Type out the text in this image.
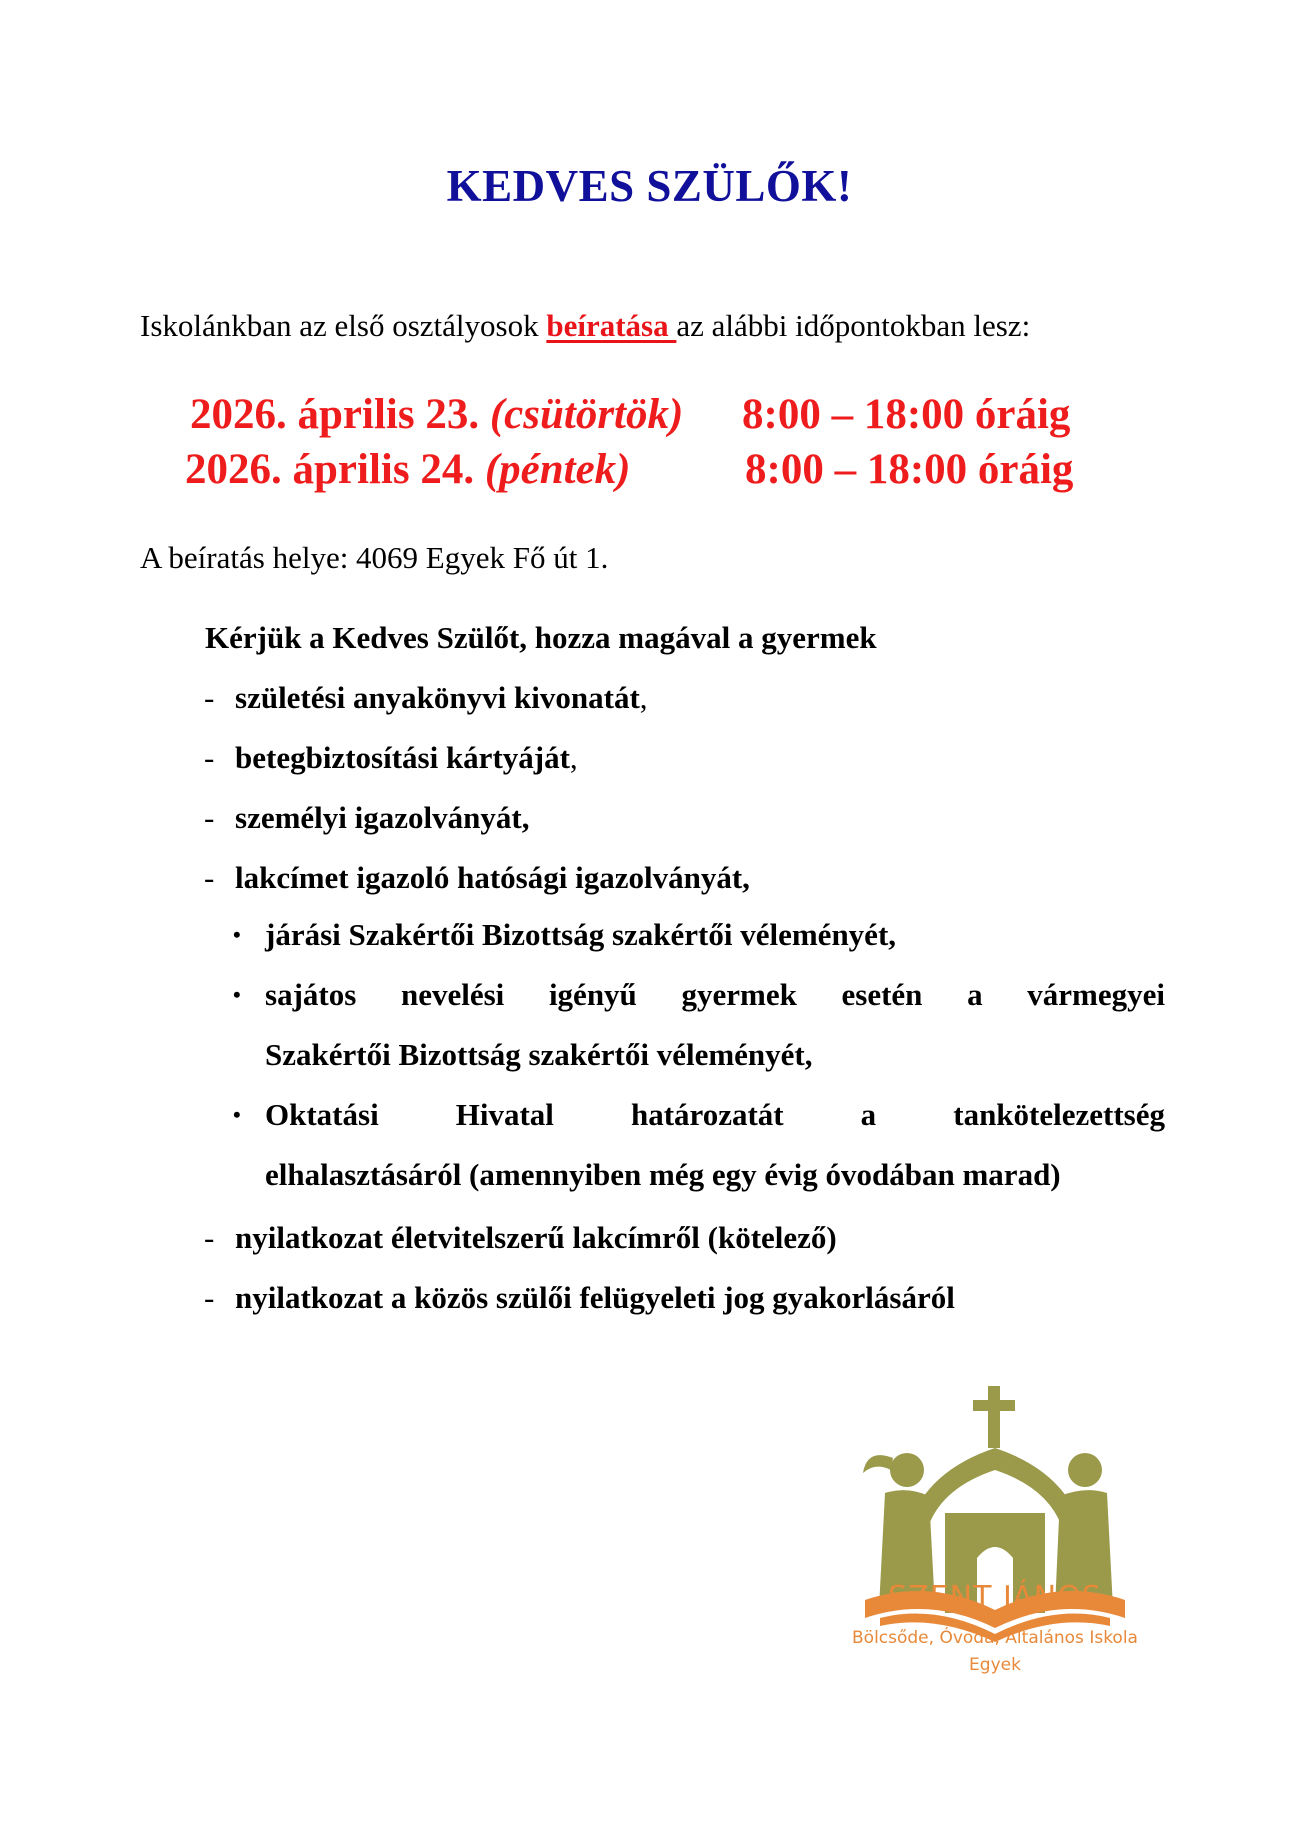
KEDVES SZÜLŐK!
Iskolánkban az első osztályosok beíratása az alábbi időpontokban lesz:
2026. április 23. (csütörtök) 8:00 – 18:00 óráig
2026. április 24. (péntek)	8:00 – 18:00 óráig
A beíratás helye: 4069 Egyek Fő út 1.
Kérjük a Kedves Szülőt, hozza magával a gyermek
- születési anyakönyvi kivonatát,
- betegbiztosítási kártyáját,
- személyi igazolványát,
- lakcímet igazoló hatósági igazolványát,
• járási Szakértői Bizottság szakértői véleményét,
• sajátos nevelési igényű gyermek esetén a vármegyei
Szakértői Bizottság szakértői véleményét,
• Oktatási Hivatal határozatát a tankötelezettség
elhalasztásáról (amennyiben még egy évig óvodában marad)
- nyilatkozat életvitelszerű lakcímről (kötelező)
- nyilatkozat a közös szülői felügyeleti jog gyakorlásáról
SZENT JÁNOS
Bölcsőde, Óvoda, Általános Iskola
Egyek
